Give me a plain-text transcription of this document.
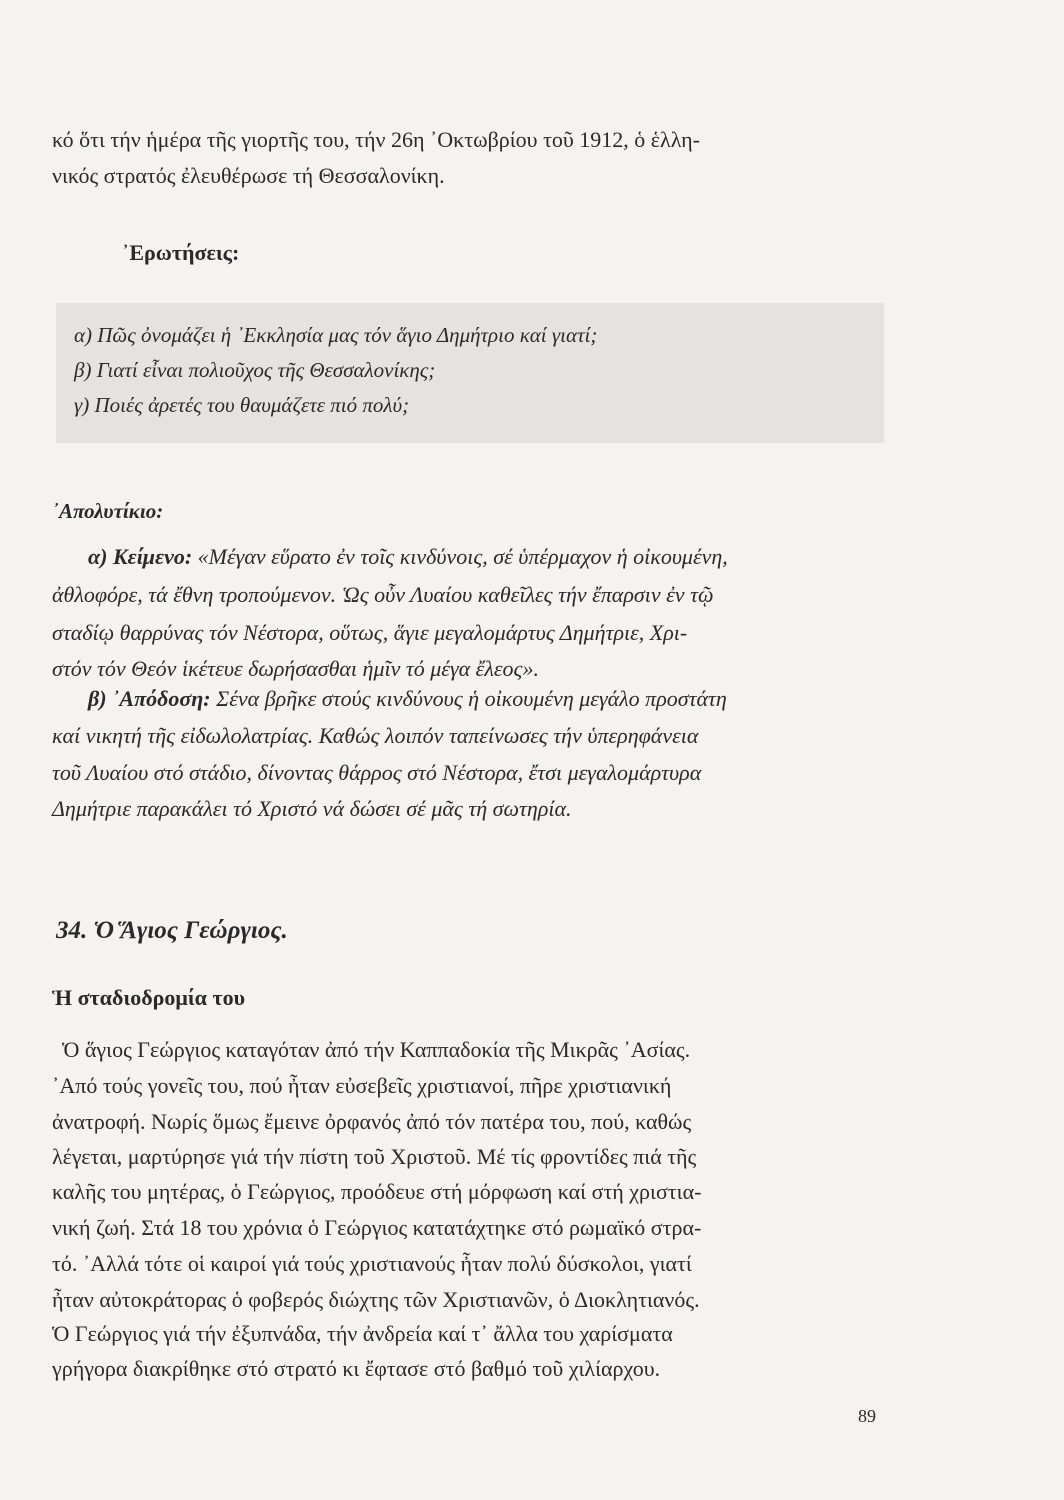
κό ὅτι τήν ἡμέρα τῆς γιορτῆς του, τήν 26η ᾿Οκτωβρίου τοῦ 1912, ὁ ἑλλη-
νικός στρατός ἐλευθέρωσε τή Θεσσαλονίκη.
᾿Ερωτήσεις:
α) Πῶς ὀνομάζει ἡ ᾿Εκκλησία μας τόν ἅγιο Δημήτριο καί γιατί;
β) Γιατί εἶναι πολιοῦχος τῆς Θεσσαλονίκης;
γ) Ποιές ἀρετές του θαυμάζετε πιό πολύ;
᾿Απολυτίκιο:
α) Κείμενο: «Μέγαν εὕρατο ἐν τοῖς κινδύνοις, σέ ὑπέρμαχον ἡ οἰκουμένη,
ἀθλοφόρε, τά ἔθνη τροπούμενον. Ὡς οὖν Λυαίου καθεῖλες τήν ἔπαρσιν ἐν τῷ
σταδίῳ θαρρύνας τόν Νέστορα, οὕτως, ἅγιε μεγαλομάρτυς Δημήτριε, Χρι-
στόν τόν Θεόν ἱκέτευε δωρήσασθαι ἡμῖν τό μέγα ἔλεος».
β) ᾿Απόδοση: Σένα βρῆκε στούς κινδύνους ἡ οἰκουμένη μεγάλο προστάτη
καί νικητή τῆς εἰδωλολατρίας. Καθώς λοιπόν ταπείνωσες τήν ὑπερηφάνεια
τοῦ Λυαίου στό στάδιο, δίνοντας θάρρος στό Νέστορα, ἔτσι μεγαλομάρτυρα
Δημήτριε παρακάλει τό Χριστό νά δώσει σέ μᾶς τή σωτηρία.
34. Ὁ Ἅγιος Γεώργιος.
Ἡ σταδιοδρομία του
Ὁ ἅγιος Γεώργιος καταγόταν ἀπό τήν Καππαδοκία τῆς Μικρᾶς ᾿Ασίας.
᾿Από τούς γονεῖς του, πού ἦταν εὐσεβεῖς χριστιανοί, πῆρε χριστιανική
ἀνατροφή. Νωρίς ὅμως ἔμεινε ὀρφανός ἀπό τόν πατέρα του, πού, καθώς
λέγεται, μαρτύρησε γιά τήν πίστη τοῦ Χριστοῦ. Μέ τίς φροντίδες πιά τῆς
καλῆς του μητέρας, ὁ Γεώργιος, προόδευε στή μόρφωση καί στή χριστια-
νική ζωή. Στά 18 του χρόνια ὁ Γεώργιος κατατάχτηκε στό ρωμαϊκό στρα-
τό. ᾿Αλλά τότε οἱ καιροί γιά τούς χριστιανούς ἦταν πολύ δύσκολοι, γιατί
ἦταν αὐτοκράτορας ὁ φοβερός διώχτης τῶν Χριστιανῶν, ὁ Διοκλητιανός.
Ὁ Γεώργιος γιά τήν ἐξυπνάδα, τήν ἀνδρεία καί τ᾿ ἄλλα του χαρίσματα
γρήγορα διακρίθηκε στό στρατό κι ἔφτασε στό βαθμό τοῦ χιλίαρχου.
89
